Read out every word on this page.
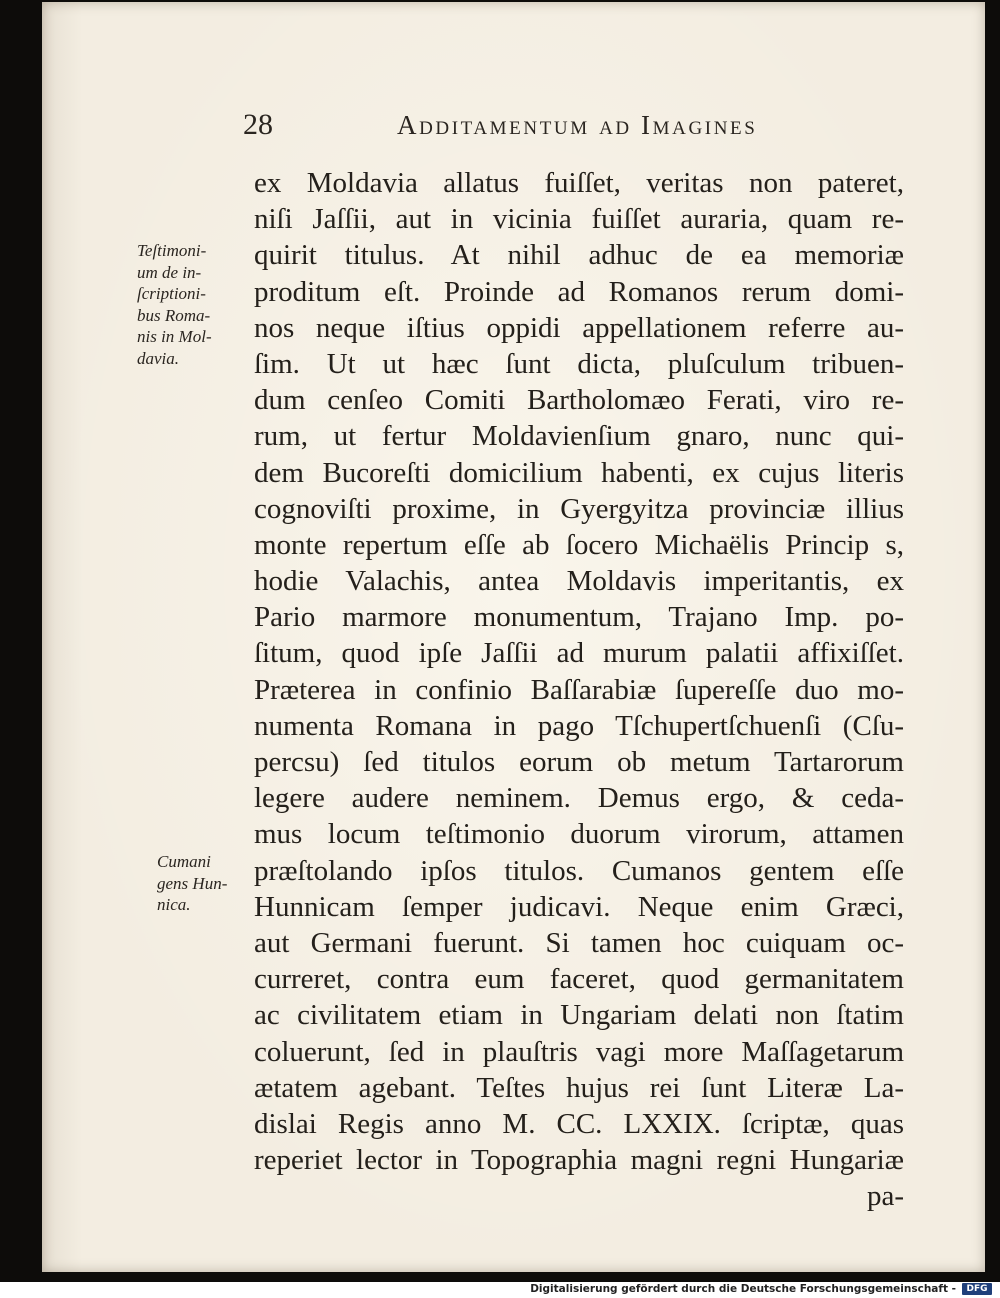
28	Additamentum ad Imagines
ex Moldavia allatus fuiſſet, veritas non pateret,
niſi Jaſſii, aut in vicinia fuiſſet auraria, quam re-
quirit titulus. At nihil adhuc de ea memoriæ
proditum eſt. Proinde ad Romanos rerum domi-
nos neque iſtius oppidi appellationem referre au-
ſim. Ut ut hæc ſunt dicta, pluſculum tribuen-
dum cenſeo Comiti Bartholomæo Ferati, viro re-
rum, ut fertur Moldavienſium gnaro, nunc qui-
dem Bucoreſti domicilium habenti, ex cujus literis
cognoviſti proxime, in Gyergyitza provinciæ illius
monte repertum eſſe ab ſocero Michaëlis Princip s,
hodie Valachis, antea Moldavis imperitantis, ex
Pario marmore monumentum, Trajano Imp. po-
ſitum, quod ipſe Jaſſii ad murum palatii affixiſſet.
Præterea in confinio Baſſarabiæ ſupereſſe duo mo-
numenta Romana in pago Tſchupertſchuenſi (Cſu-
percsu) ſed titulos eorum ob metum Tartarorum
legere audere neminem. Demus ergo, & ceda-
mus locum teſtimonio duorum virorum, attamen
præſtolando ipſos titulos. Cumanos gentem eſſe
Hunnicam ſemper judicavi. Neque enim Græci,
aut Germani fuerunt. Si tamen hoc cuiquam oc-
curreret, contra eum faceret, quod germanitatem
ac civilitatem etiam in Ungariam delati non ſtatim
coluerunt, ſed in plauſtris vagi more Maſſagetarum
ætatem agebant. Teſtes hujus rei ſunt Literæ La-
dislai Regis anno M. CC. LXXIX. ſcriptæ, quas
reperiet lector in Topographia magni regni Hungariæ
pa-
Teſtimoni-
um de in-
ſcriptioni-
bus Roma-
nis in Mol-
davia.
Cumani
gens Hun-
nica.
Digitalisierung gefördert durch die Deutsche Forschungsgemeinschaft -	DFG
